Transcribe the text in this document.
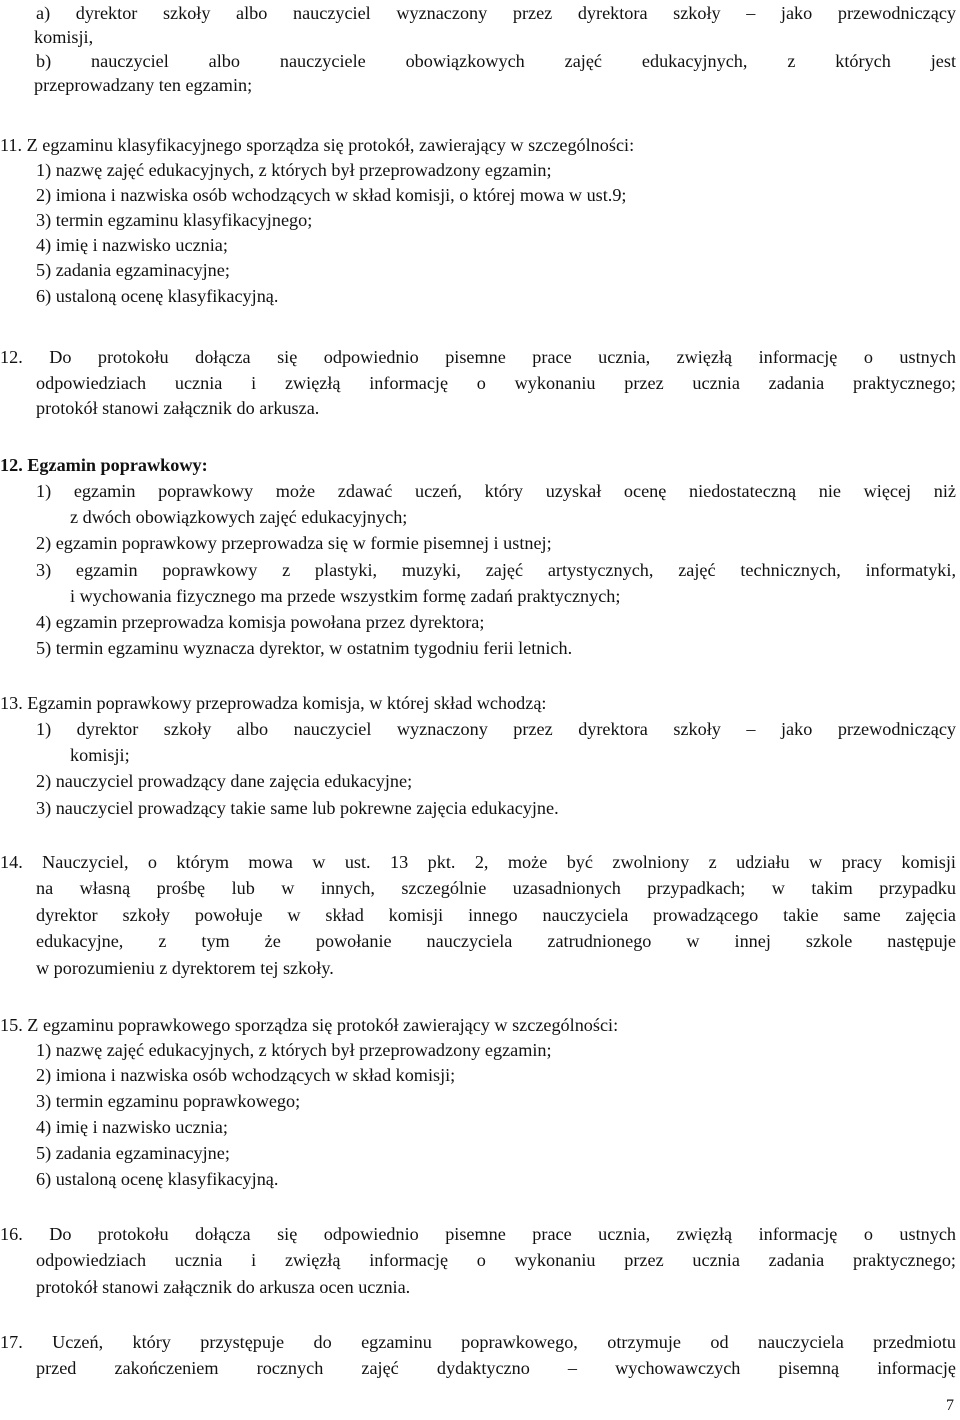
a) dyrektor szkoły albo nauczyciel wyznaczony przez dyrektora szkoły – jako przewodniczący
komisji,
b) nauczyciel albo nauczyciele obowiązkowych zajęć edukacyjnych, z których jest
przeprowadzany ten egzamin;
11. Z egzaminu klasyfikacyjnego sporządza się protokół, zawierający w szczególności:
1) nazwę zajęć edukacyjnych, z których był przeprowadzony egzamin;
2) imiona i nazwiska osób wchodzących w skład komisji, o której mowa w ust.9;
3) termin egzaminu klasyfikacyjnego;
4) imię i nazwisko ucznia;
5) zadania egzaminacyjne;
6) ustaloną ocenę klasyfikacyjną.
12. Do protokołu dołącza się odpowiednio pisemne prace ucznia, zwięzłą informację o ustnych
odpowiedziach ucznia i zwięzłą informację o wykonaniu przez ucznia zadania praktycznego;
protokół stanowi załącznik do arkusza.
12. Egzamin poprawkowy:
1) egzamin poprawkowy może zdawać uczeń, który uzyskał ocenę niedostateczną nie więcej niż
z dwóch obowiązkowych zajęć edukacyjnych;
2) egzamin poprawkowy przeprowadza się w formie pisemnej i ustnej;
3) egzamin poprawkowy z plastyki, muzyki, zajęć artystycznych, zajęć technicznych, informatyki,
i wychowania fizycznego ma przede wszystkim formę zadań praktycznych;
4) egzamin przeprowadza komisja powołana przez dyrektora;
5) termin egzaminu wyznacza dyrektor, w ostatnim tygodniu ferii letnich.
13. Egzamin poprawkowy przeprowadza komisja, w której skład wchodzą:
1) dyrektor szkoły albo nauczyciel wyznaczony przez dyrektora szkoły – jako przewodniczący
komisji;
2) nauczyciel prowadzący dane zajęcia edukacyjne;
3) nauczyciel prowadzący takie same lub pokrewne zajęcia edukacyjne.
14. Nauczyciel, o którym mowa w ust. 13 pkt. 2, może być zwolniony z udziału w pracy komisji
na własną prośbę lub w innych, szczególnie uzasadnionych przypadkach; w takim przypadku
dyrektor szkoły powołuje w skład komisji innego nauczyciela prowadzącego takie same zajęcia
edukacyjne, z tym że powołanie nauczyciela zatrudnionego w innej szkole następuje
w porozumieniu z dyrektorem tej szkoły.
15. Z egzaminu poprawkowego sporządza się protokół zawierający w szczególności:
1) nazwę zajęć edukacyjnych, z których był przeprowadzony egzamin;
2) imiona i nazwiska osób wchodzących w skład komisji;
3) termin egzaminu poprawkowego;
4) imię i nazwisko ucznia;
5) zadania egzaminacyjne;
6) ustaloną ocenę klasyfikacyjną.
16. Do protokołu dołącza się odpowiednio pisemne prace ucznia, zwięzłą informację o ustnych
odpowiedziach ucznia i zwięzłą informację o wykonaniu przez ucznia zadania praktycznego;
protokół stanowi załącznik do arkusza ocen ucznia.
17. Uczeń, który przystępuje do egzaminu poprawkowego, otrzymuje od nauczyciela przedmiotu
przed zakończeniem rocznych zajęć dydaktyczno – wychowawczych pisemną informację
7
